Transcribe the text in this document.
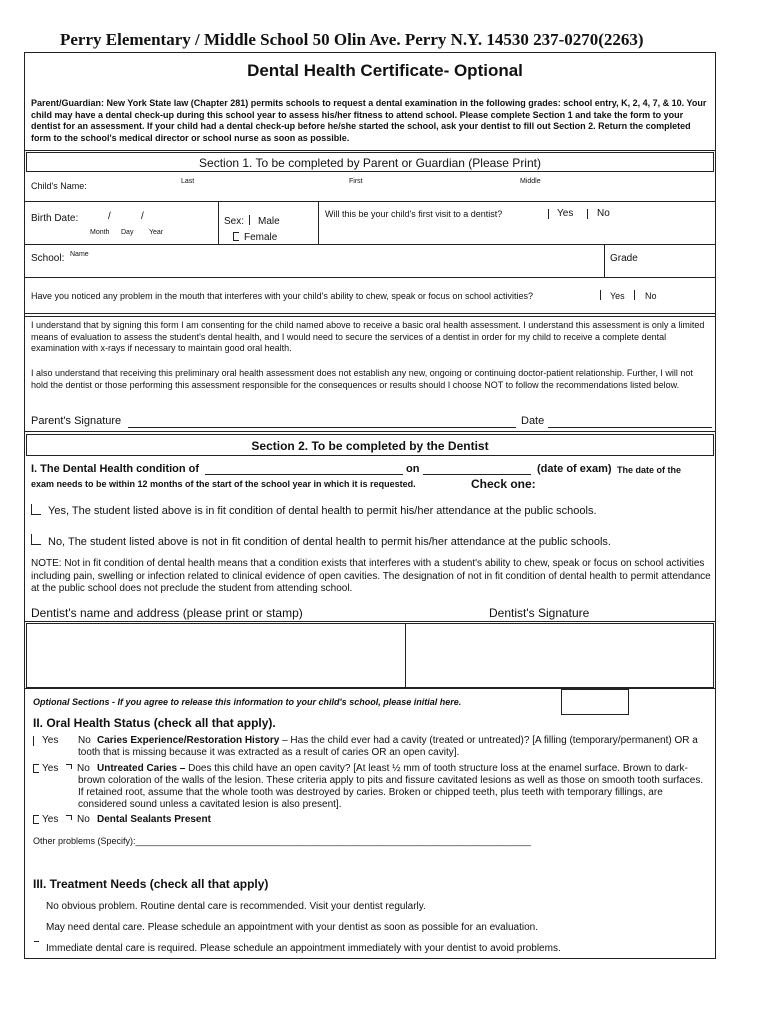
Perry Elementary / Middle School 50 Olin Ave. Perry N.Y. 14530 237-0270(2263)
Dental Health Certificate- Optional
Parent/Guardian: New York State law (Chapter 281) permits schools to request a dental examination in the following grades: school entry, K, 2, 4, 7, & 10. Your child may have a dental check-up during this school year to assess his/her fitness to attend school. Please complete Section 1 and take the form to your dentist for an assessment. If your child had a dental check-up before he/she started the school, ask your dentist to fill out Section 2. Return the completed form to the school's medical director or school nurse as soon as possible.
Section 1. To be completed by Parent or Guardian (Please Print)
Child's Name:	Last	First	Middle
Birth Date:	/	/
Month Day Year
Sex: Male
Female
Will this be your child's first visit to a dentist?	Yes No
School: Name	Grade
Have you noticed any problem in the mouth that interferes with your child's ability to chew, speak or focus on school activities?	Yes No
I understand that by signing this form I am consenting for the child named above to receive a basic oral health assessment. I understand this assessment is only a limited means of evaluation to assess the student's dental health, and I would need to secure the services of a dentist in order for my child to receive a complete dental examination with x-rays if necessary to maintain good oral health.
I also understand that receiving this preliminary oral health assessment does not establish any new, ongoing or continuing doctor-patient relationship. Further, I will not hold the dentist or those performing this assessment responsible for the consequences or results should I choose NOT to follow the recommendations listed below.
Parent's Signature	Date
Section 2. To be completed by the Dentist
I. The Dental Health condition of	on	(date of exam) The date of the
exam needs to be within 12 months of the start of the school year in which it is requested.	Check one:
Yes, The student listed above is in fit condition of dental health to permit his/her attendance at the public schools.
No, The student listed above is not in fit condition of dental health to permit his/her attendance at the public schools.
NOTE: Not in fit condition of dental health means that a condition exists that interferes with a student's ability to chew, speak or focus on school activities including pain, swelling or infection related to clinical evidence of open cavities. The designation of not in fit condition of dental health to permit attendance at the public school does not preclude the student from attending school.
Dentist's name and address (please print or stamp)	Dentist's Signature
Optional Sections - If you agree to release this information to your child's school, please initial here.
II. Oral Health Status (check all that apply).
Yes No Caries Experience/Restoration History – Has the child ever had a cavity (treated or untreated)? [A filling (temporary/permanent) OR a tooth that is missing because it was extracted as a result of caries OR an open cavity].
Yes No Untreated Caries – Does this child have an open cavity? [At least ½ mm of tooth structure loss at the enamel surface. Brown to dark-brown coloration of the walls of the lesion. These criteria apply to pits and fissure cavitated lesions as well as those on smooth tooth surfaces. If retained root, assume that the whole tooth was destroyed by caries. Broken or chipped teeth, plus teeth with temporary fillings, are considered sound unless a cavitated lesion is also present].
Yes No Dental Sealants Present
Other problems (Specify):_______________________________________________________________________________
III. Treatment Needs (check all that apply)
No obvious problem. Routine dental care is recommended. Visit your dentist regularly.
May need dental care. Please schedule an appointment with your dentist as soon as possible for an evaluation.
Immediate dental care is required. Please schedule an appointment immediately with your dentist to avoid problems.
